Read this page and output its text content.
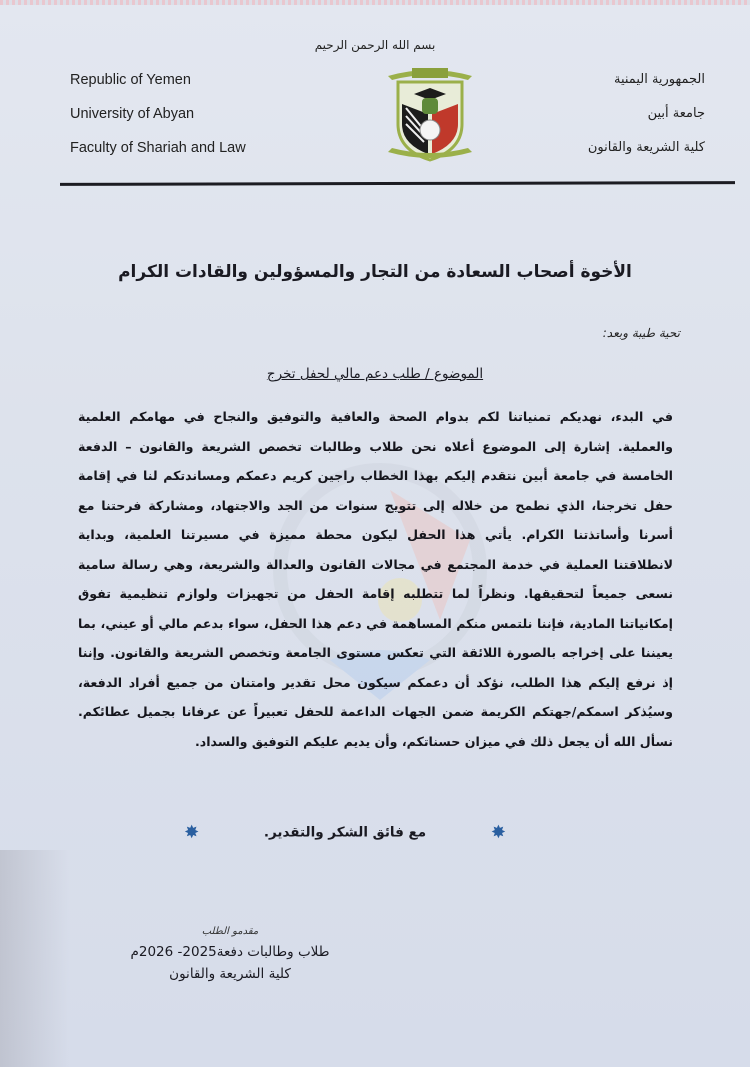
بسم الله الرحمن الرحيم
Republic of Yemen
University of Abyan
Faculty of Shariah and Law
الجمهورية اليمنية
جامعة أبين
كلية الشريعة والقانون
الأخوة أصحاب السعادة من التجار والمسؤولين والقادات الكرام
تحية طيبة وبعد:
الموضوع / طلب دعم مالي لحفل تخرج
في البدء، نهديكم تمنياتنا لكم بدوام الصحة والعافية والتوفيق والنجاح في مهامكم العلمية والعملية. إشارة إلى الموضوع أعلاه نحن طلاب وطالبات تخصص الشريعة والقانون – الدفعة الخامسة في جامعة أبين نتقدم إليكم بهذا الخطاب راجين كريم دعمكم ومساندتكم لنا في إقامة حفل تخرجنا، الذي نطمح من خلاله إلى تتويج سنوات من الجد والاجتهاد، ومشاركة فرحتنا مع أسرنا وأساتذتنا الكرام. يأتي هذا الحفل ليكون محطة مميزة في مسيرتنا العلمية، وبداية لانطلاقتنا العملية في خدمة المجتمع في مجالات القانون والعدالة والشريعة، وهي رسالة سامية نسعى جميعاً لتحقيقها. ونظراً لما تتطلبه إقامة الحفل من تجهيزات ولوازم تنظيمية تفوق إمكانياتنا المادية، فإننا نلتمس منكم المساهمة في دعم هذا الحفل، سواء بدعم مالي أو عيني، بما يعيننا على إخراجه بالصورة اللائقة التي تعكس مستوى الجامعة وتخصص الشريعة والقانون. وإننا إذ نرفع إليكم هذا الطلب، نؤكد أن دعمكم سيكون محل تقدير وامتنان من جميع أفراد الدفعة، وسيُذكر اسمكم/جهتكم الكريمة ضمن الجهات الداعمة للحفل تعبيراً عن عرفانا بجميل عطائكم. نسأل الله أن يجعل ذلك في ميزان حسناتكم، وأن يديم عليكم التوفيق والسداد.
✸ مع فائق الشكر والتقدير. ✸
مقدمو الطلب
طلاب وطالبات دفعة2025- 2026م
كلية الشريعة والقانون
